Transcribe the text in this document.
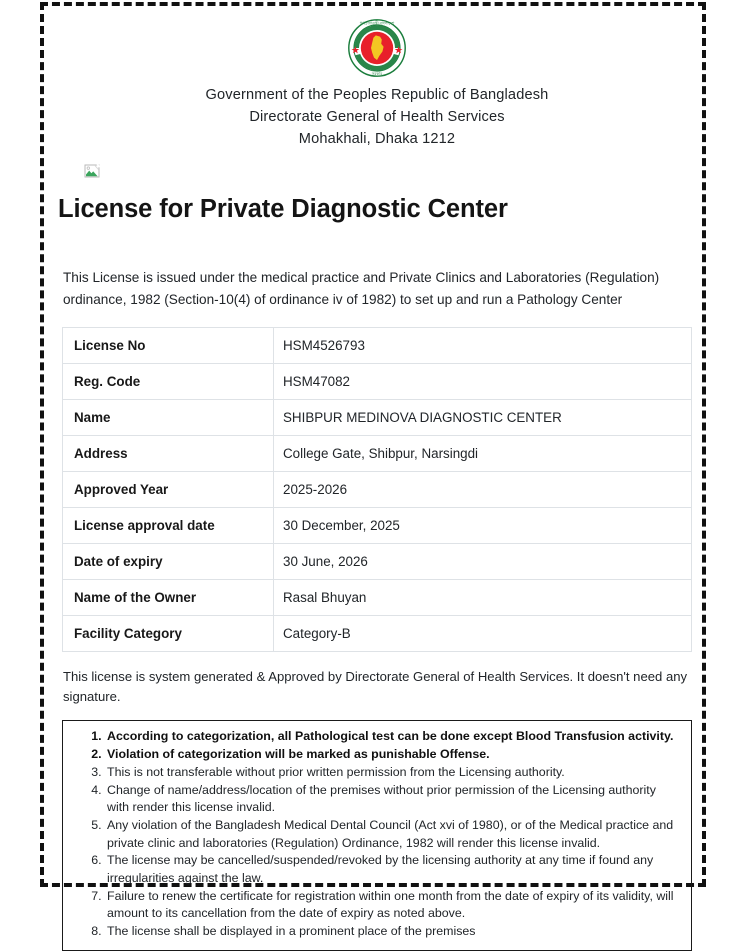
গণপ্রজাতন্ত্রী বাংলাদেশ
সরকার
Government of the Peoples Republic of Bangladesh
Directorate General of Health Services
Mohakhali, Dhaka 1212
License for Private Diagnostic Center

This License is issued under the medical practice and Private Clinics and Laboratories (Regulation) ordinance, 1982 (Section-10(4) of ordinance iv of 1982) to set up and run a Pathology Center

License No	HSM4526793
Reg. Code	HSM47082
Name	SHIBPUR MEDINOVA DIAGNOSTIC CENTER
Address	College Gate, Shibpur, Narsingdi
Approved Year	2025-2026
License approval date	30 December, 2025
Date of expiry	30 June, 2026
Name of the Owner	Rasal Bhuyan
Facility Category	Category-B

This license is system generated & Approved by Directorate General of Health Services. It doesn't need any signature.

1. According to categorization, all Pathological test can be done except Blood Transfusion activity.
2. Violation of categorization will be marked as punishable Offense.
3. This is not transferable without prior written permission from the Licensing authority.
4. Change of name/address/location of the premises without prior permission of the Licensing authority with render this license invalid.
5. Any violation of the Bangladesh Medical Dental Council (Act xvi of 1980), or of the Medical practice and private clinic and laboratories (Regulation) Ordinance, 1982 will render this license invalid.
6. The license may be cancelled/suspended/revoked by the licensing authority at any time if found any irregularities against the law.
7. Failure to renew the certificate for registration within one month from the date of expiry of its validity, will amount to its cancellation from the date of expiry as noted above.
8. The license shall be displayed in a prominent place of the premises
